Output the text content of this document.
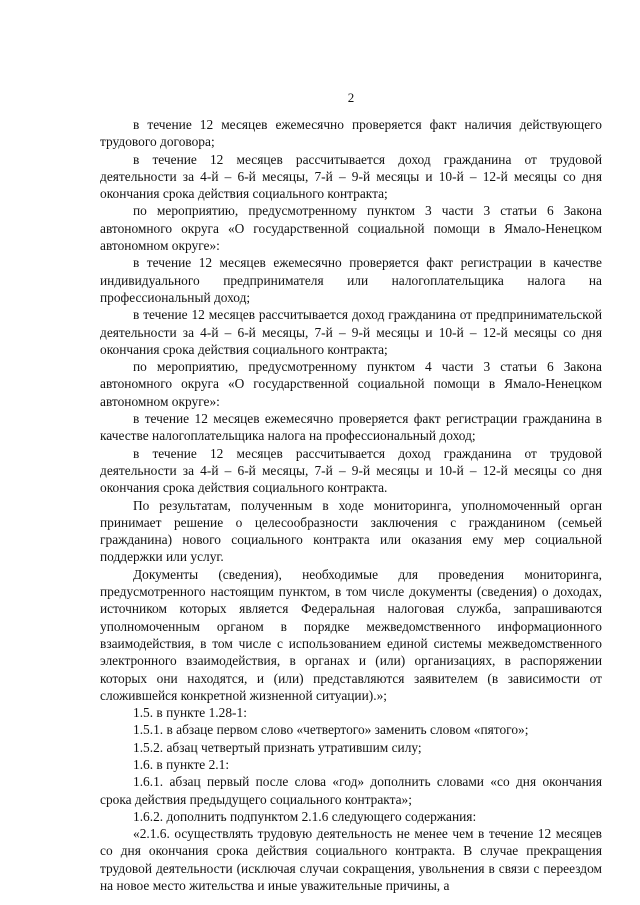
2

в течение 12 месяцев ежемесячно проверяется факт наличия действующего трудового договора;

в течение 12 месяцев рассчитывается доход гражданина от трудовой деятельности за 4-й – 6-й месяцы, 7-й – 9-й месяцы и 10-й – 12-й месяцы со дня окончания срока действия социального контракта;

по мероприятию, предусмотренному пунктом 3 части 3 статьи 6 Закона автономного округа «О государственной социальной помощи в Ямало-Ненецком автономном округе»:

в течение 12 месяцев ежемесячно проверяется факт регистрации в качестве индивидуального предпринимателя или налогоплательщика налога на профессиональный доход;

в течение 12 месяцев рассчитывается доход гражданина от предпринимательской деятельности за 4-й – 6-й месяцы, 7-й – 9-й месяцы и 10-й – 12-й месяцы со дня окончания срока действия социального контракта;

по мероприятию, предусмотренному пунктом 4 части 3 статьи 6 Закона автономного округа «О государственной социальной помощи в Ямало-Ненецком автономном округе»:

в течение 12 месяцев ежемесячно проверяется факт регистрации гражданина в качестве налогоплательщика налога на профессиональный доход;

в течение 12 месяцев рассчитывается доход гражданина от трудовой деятельности за 4-й – 6-й месяцы, 7-й – 9-й месяцы и 10-й – 12-й месяцы со дня окончания срока действия социального контракта.

По результатам, полученным в ходе мониторинга, уполномоченный орган принимает решение о целесообразности заключения с гражданином (семьей гражданина) нового социального контракта или оказания ему мер социальной поддержки или услуг.

Документы (сведения), необходимые для проведения мониторинга, предусмотренного настоящим пунктом, в том числе документы (сведения) о доходах, источником которых является Федеральная налоговая служба, запрашиваются уполномоченным органом в порядке межведомственного информационного взаимодействия, в том числе с использованием единой системы межведомственного электронного взаимодействия, в органах и (или) организациях, в распоряжении которых они находятся, и (или) представляются заявителем (в зависимости от сложившейся конкретной жизненной ситуации).»;

1.5. в пункте 1.28-1:

1.5.1. в абзаце первом слово «четвертого» заменить словом «пятого»;

1.5.2. абзац четвертый признать утратившим силу;

1.6. в пункте 2.1:

1.6.1. абзац первый после слова «год» дополнить словами «со дня окончания срока действия предыдущего социального контракта»;

1.6.2. дополнить подпунктом 2.1.6 следующего содержания:

«2.1.6. осуществлять трудовую деятельность не менее чем в течение 12 месяцев со дня окончания срока действия социального контракта. В случае прекращения трудовой деятельности (исключая случаи сокращения, увольнения в связи с переездом на новое место жительства и иные уважительные причины, а
